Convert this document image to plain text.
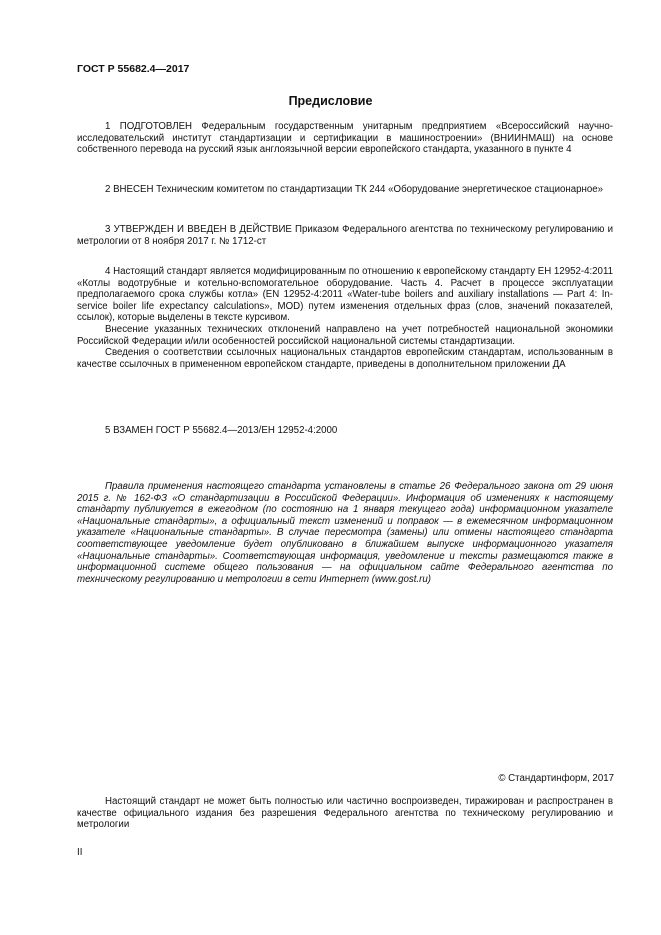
ГОСТ Р 55682.4—2017
Предисловие

1 ПОДГОТОВЛЕН Федеральным государственным унитарным предприятием «Всероссийский научно-исследовательский институт стандартизации и сертификации в машиностроении» (ВНИИНМАШ) на основе собственного перевода на русский язык англоязычной версии европейского стандарта, указанного в пункте 4

2 ВНЕСЕН Техническим комитетом по стандартизации ТК 244 «Оборудование энергетическое стационарное»

3 УТВЕРЖДЕН И ВВЕДЕН В ДЕЙСТВИЕ Приказом Федерального агентства по техническому регулированию и метрологии от 8 ноября 2017 г. № 1712-ст

4 Настоящий стандарт является модифицированным по отношению к европейскому стандарту ЕН 12952-4:2011 «Котлы водотрубные и котельно-вспомогательное оборудование. Часть 4. Расчет в процессе эксплуатации предполагаемого срока службы котла» (EN 12952-4:2011 «Water-tube boilers and auxiliary installations — Part 4: In-service boiler life expectancy calculations», MOD) путем изменения отдельных фраз (слов, значений показателей, ссылок), которые выделены в тексте курсивом.

Внесение указанных технических отклонений направлено на учет потребностей национальной экономики Российской Федерации и/или особенностей российской национальной системы стандартизации.

Сведения о соответствии ссылочных национальных стандартов европейским стандартам, использованным в качестве ссылочных в примененном европейском стандарте, приведены в дополнительном приложении ДА

5 ВЗАМЕН ГОСТ Р 55682.4—2013/ЕН 12952-4:2000

Правила применения настоящего стандарта установлены в статье 26 Федерального закона от 29 июня 2015 г. № 162-ФЗ «О стандартизации в Российской Федерации». Информация об изменениях к настоящему стандарту публикуется в ежегодном (по состоянию на 1 января текущего года) информационном указателе «Национальные стандарты», а официальный текст изменений и поправок — в ежемесячном информационном указателе «Национальные стандарты». В случае пересмотра (замены) или отмены настоящего стандарта соответствующее уведомление будет опубликовано в ближайшем выпуске информационного указателя «Национальные стандарты». Соответствующая информация, уведомление и тексты размещаются также в информационной системе общего пользования — на официальном сайте Федерального агентства по техническому регулированию и метрологии в сети Интернет (www.gost.ru)

© Стандартинформ, 2017

Настоящий стандарт не может быть полностью или частично воспроизведен, тиражирован и распространен в качестве официального издания без разрешения Федерального агентства по техническому регулированию и метрологии

II
